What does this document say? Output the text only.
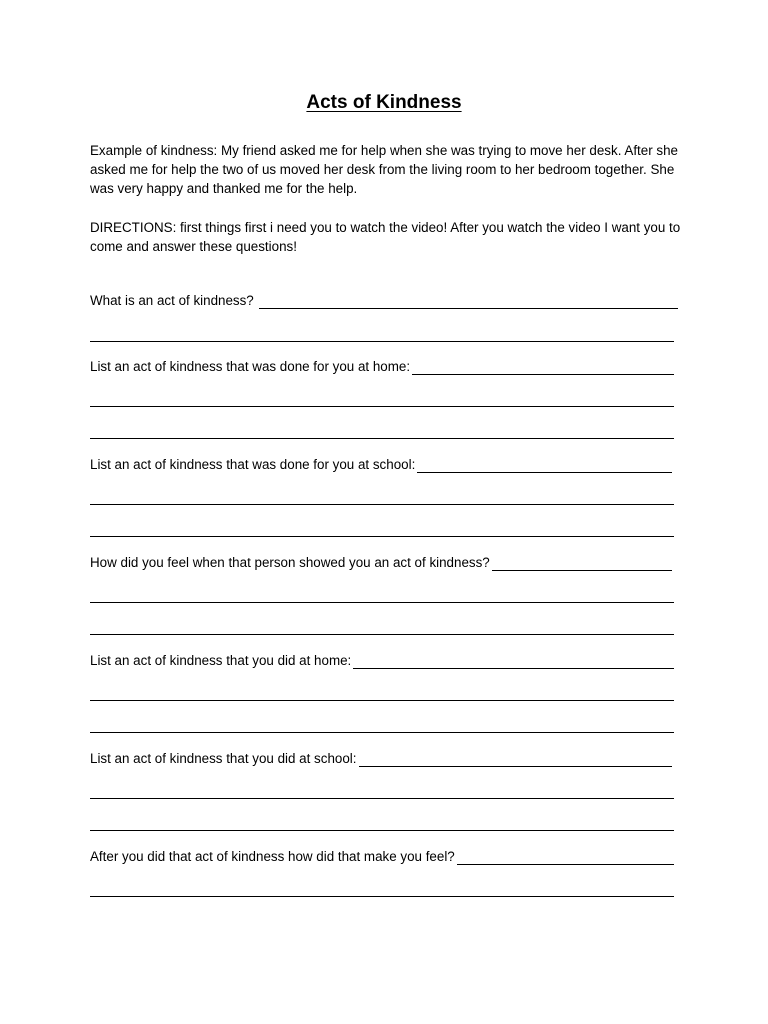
Acts of Kindness

Example of kindness: My friend asked me for help when she was trying to move her desk. After she asked me for help the two of us moved her desk from the living room to her bedroom together. She was very happy and thanked me for the help.

DIRECTIONS: first things first i need you to watch the video! After you watch the video I want you to come and answer these questions!

What is an act of kindness?
List an act of kindness that was done for you at home:
List an act of kindness that was done for you at school:
How did you feel when that person showed you an act of kindness?
List an act of kindness that you did at home:
List an act of kindness that you did at school:
After you did that act of kindness how did that make you feel?
